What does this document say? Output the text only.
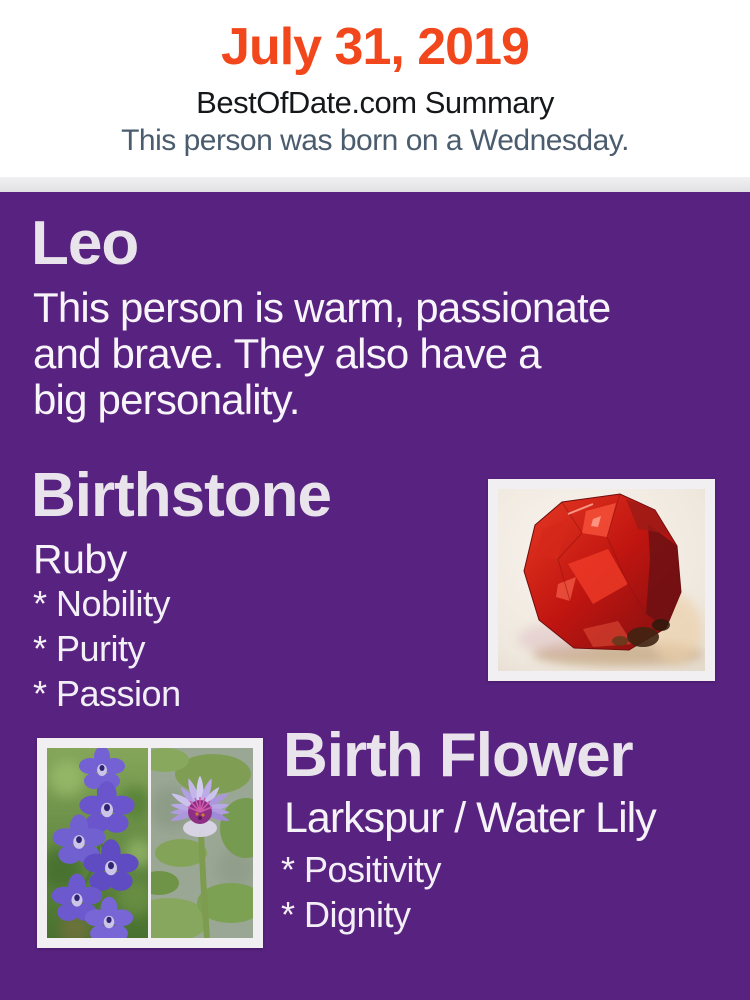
July 31, 2019
BestOfDate.com Summary
This person was born on a Wednesday.
Leo
This person is warm, passionate
and brave. They also have a
big personality.
Birthstone
Ruby
* Nobility
* Purity
* Passion
Birth Flower
Larkspur / Water Lily
* Positivity
* Dignity
